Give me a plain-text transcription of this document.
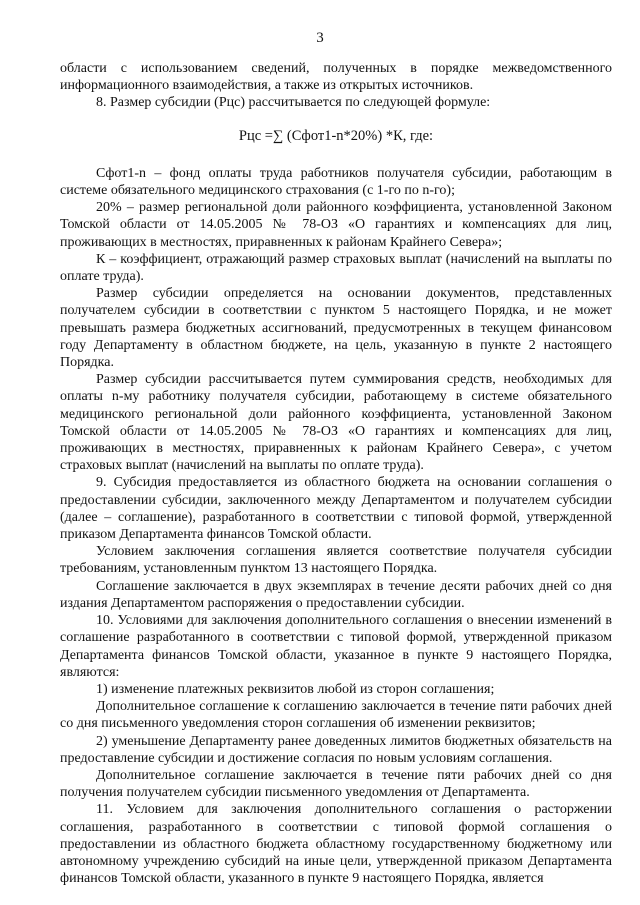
3

области с использованием сведений, полученных в порядке межведомственного информационного взаимодействия, а также из открытых источников.

8. Размер субсидии (Рцс) рассчитывается по следующей формуле:

Рцс =∑ (Сфот1-n*20%) *К, где:

Сфот1-n – фонд оплаты труда работников получателя субсидии, работающим в системе обязательного медицинского страхования (с 1-го по n-го);

20% – размер региональной доли районного коэффициента, установленной Законом Томской области от 14.05.2005 № 78-ОЗ «О гарантиях и компенсациях для лиц, проживающих в местностях, приравненных к районам Крайнего Севера»;

К – коэффициент, отражающий размер страховых выплат (начислений на выплаты по оплате труда).

Размер субсидии определяется на основании документов, представленных получателем субсидии в соответствии с пунктом 5 настоящего Порядка, и не может превышать размера бюджетных ассигнований, предусмотренных в текущем финансовом году Департаменту в областном бюджете, на цель, указанную в пункте 2 настоящего Порядка.

Размер субсидии рассчитывается путем суммирования средств, необходимых для оплаты n-му работнику получателя субсидии, работающему в системе обязательного медицинского региональной доли районного коэффициента, установленной Законом Томской области от 14.05.2005 № 78-ОЗ «О гарантиях и компенсациях для лиц, проживающих в местностях, приравненных к районам Крайнего Севера», с учетом страховых выплат (начислений на выплаты по оплате труда).

9. Субсидия предоставляется из областного бюджета на основании соглашения о предоставлении субсидии, заключенного между Департаментом и получателем субсидии (далее – соглашение), разработанного в соответствии с типовой формой, утвержденной приказом Департамента финансов Томской области.

Условием заключения соглашения является соответствие получателя субсидии требованиям, установленным пунктом 13 настоящего Порядка.

Соглашение заключается в двух экземплярах в течение десяти рабочих дней со дня издания Департаментом распоряжения о предоставлении субсидии.

10. Условиями для заключения дополнительного соглашения о внесении изменений в соглашение разработанного в соответствии с типовой формой, утвержденной приказом Департамента финансов Томской области, указанное в пункте 9 настоящего Порядка, являются:

1) изменение платежных реквизитов любой из сторон соглашения;

Дополнительное соглашение к соглашению заключается в течение пяти рабочих дней со дня письменного уведомления сторон соглашения об изменении реквизитов;

2) уменьшение Департаменту ранее доведенных лимитов бюджетных обязательств на предоставление субсидии и достижение согласия по новым условиям соглашения.

Дополнительное соглашение заключается в течение пяти рабочих дней со дня получения получателем субсидии письменного уведомления от Департамента.

11. Условием для заключения дополнительного соглашения о расторжении соглашения, разработанного в соответствии с типовой формой соглашения о предоставлении из областного бюджета областному государственному бюджетному или автономному учреждению субсидий на иные цели, утвержденной приказом Департамента финансов Томской области, указанного в пункте 9 настоящего Порядка, является
